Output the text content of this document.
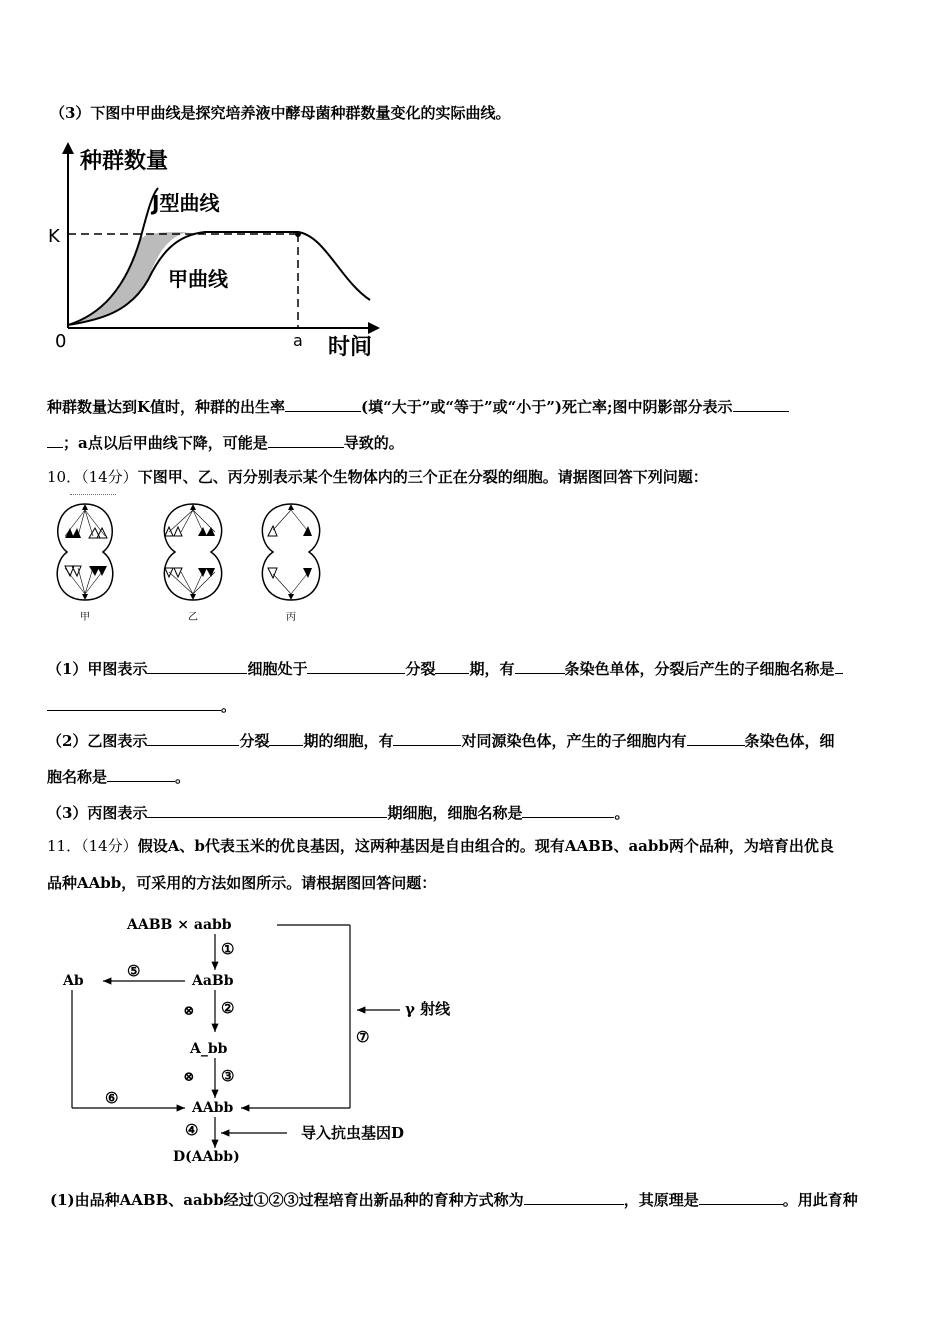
（3）下图中甲曲线是探究培养液中酵母菌种群数量变化的实际曲线。
种群数量
J型曲线
K
甲曲线
0	a 时间
种群数量达到K值时，种群的出生率	(填“大于”或“等于”或“小于”)死亡率;图中阴影部分表示
；a点以后甲曲线下降，可能是	导致的。
10．（14分）下图甲、乙、丙分别表示某个生物体内的三个正在分裂的细胞。请据图回答下列问题：
甲	乙	丙
（1）甲图表示	细胞处于	分裂 期，有	条染色单体，分裂后产生的子细胞名称是
。
（2）乙图表示	分裂 期的细胞，有	对同源染色体，产生的子细胞内有	条染色体，细
胞名称是	。
（3）丙图表示	期细胞，细胞名称是	。
11．（14分）假设A、b代表玉米的优良基因，这两种基因是自由组合的。现有AABB、aabb两个品种，为培育出优良
品种AAbb，可采用的方法如图所示。请根据图回答问题：
AABB × aabb
①
AaBb
⊗ ②
A_bb
⊗ ③
AAbb
④	导入抗虫基因D
D(AAbb)
⑤
Ab
⑥
γ 射线
⑦
(1)由品种AABB、aabb经过①②③过程培育出新品种的育种方式称为	，其原理是	。用此育种
